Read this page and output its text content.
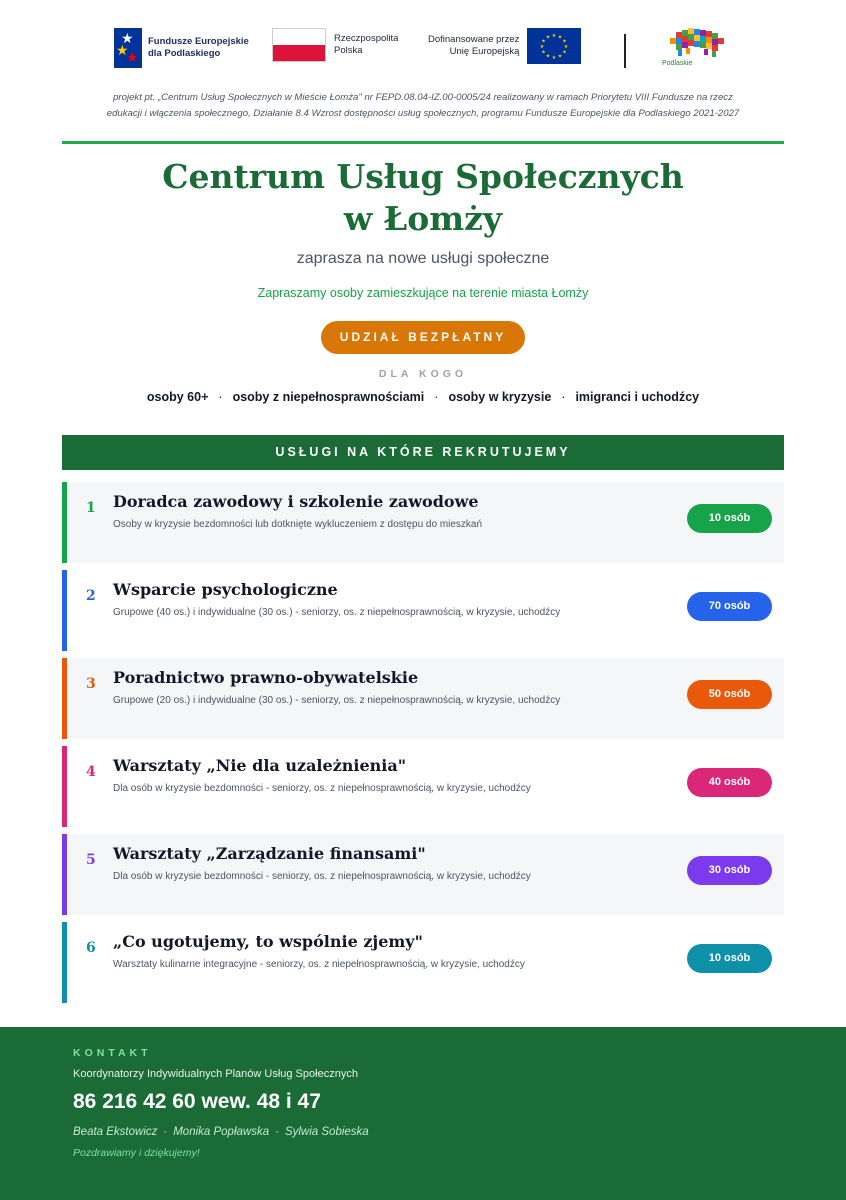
★
★
★
Fundusze Europejskie
dla Podlaskiego
Rzeczpospolita
Polska
Dofinansowane przez
Unię Europejską
★ ★
★
★
★
★
★
★
★
★
★
★
Podlaskie
projekt pt. „Centrum Usług Społecznych w Mieście Łomża" nr FEPD.08.04-IZ.00-0005/24 realizowany w ramach Priorytetu VIII Fundusze na rzecz edukacji i włączenia społecznego, Działanie 8.4 Wzrost dostępności usług społecznych, programu Fundusze Europejskie dla Podlaskiego 2021-2027
Centrum Usług Społecznych
w Łomży
zaprasza na nowe usługi społeczne
Zapraszamy osoby zamieszkujące na terenie miasta Łomży
UDZIAŁ BEZPŁATNY
DLA KOGO
osoby 60+ · osoby z niepełnosprawnościami · osoby w kryzysie · imigranci i uchodźcy
USŁUGI NA KTÓRE REKRUTUJEMY
1 Doradca zawodowy i szkolenie zawodowe
Osoby w kryzysie bezdomności lub dotknięte wykluczeniem z dostępu do mieszkań
10 osób
2 Wsparcie psychologiczne
Grupowe (40 os.) i indywidualne (30 os.) - seniorzy, os. z niepełnosprawnością, w kryzysie, uchodźcy
70 osób
3 Poradnictwo prawno-obywatelskie
Grupowe (20 os.) i indywidualne (30 os.) - seniorzy, os. z niepełnosprawnością, w kryzysie, uchodźcy
50 osób
4 Warsztaty „Nie dla uzależnienia"
Dla osób w kryzysie bezdomności - seniorzy, os. z niepełnosprawnością, w kryzysie, uchodźcy
40 osób
5 Warsztaty „Zarządzanie finansami"
Dla osób w kryzysie bezdomności - seniorzy, os. z niepełnosprawnością, w kryzysie, uchodźcy
30 osób
6 „Co ugotujemy, to wspólnie zjemy"
Warsztaty kulinarne integracyjne - seniorzy, os. z niepełnosprawnością, w kryzysie, uchodźcy
10 osób
KONTAKT
Koordynatorzy Indywidualnych Planów Usług Społecznych
86 216 42 60 wew. 48 i 47
Beata Ekstowicz · Monika Popławska · Sylwia Sobieska
Pozdrawiamy i dziękujemy!
